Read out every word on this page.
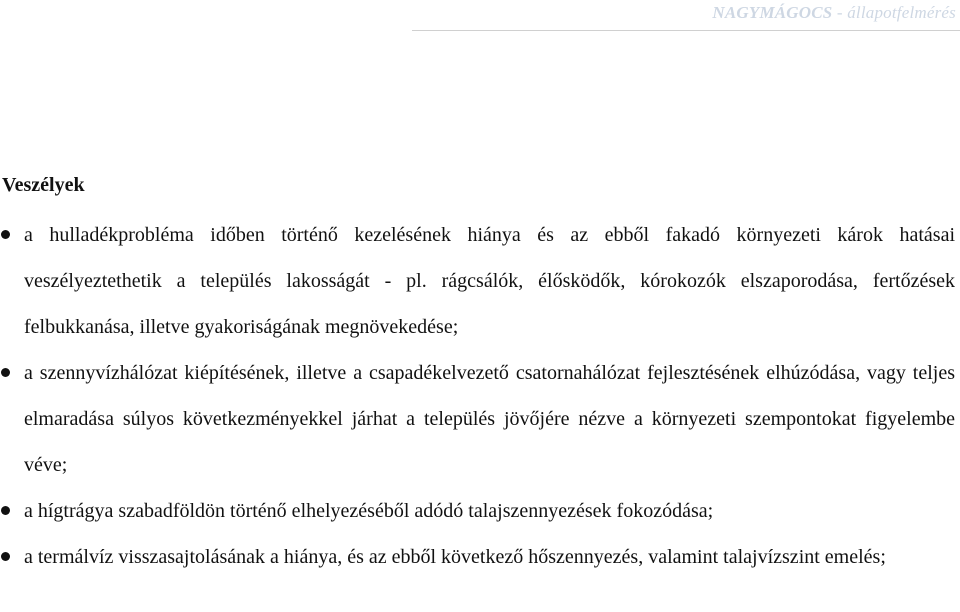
NAGYMÁGOCS - állapotfelmérés
Veszélyek
a hulladékprobléma időben történő kezelésének hiánya és az ebből fakadó környezeti károk hatásai veszélyeztethetik a település lakosságát - pl. rágcsálók, élősködők, kórokozók elszaporodása, fertőzések felbukkanása, illetve gyakoriságának megnövekedése;
a szennyvízhálózat kiépítésének, illetve a csapadékelvezető csatornahálózat fejlesztésének elhúzódása, vagy teljes elmaradása súlyos következményekkel járhat a település jövőjére nézve a környezeti szempontokat figyelembe véve;
a hígtrágya szabadföldön történő elhelyezéséből adódó talajszennyezések fokozódása;
a termálvíz visszasajtolásának a hiánya, és az ebből következő hőszennyezés, valamint talajvízszint emelés;
